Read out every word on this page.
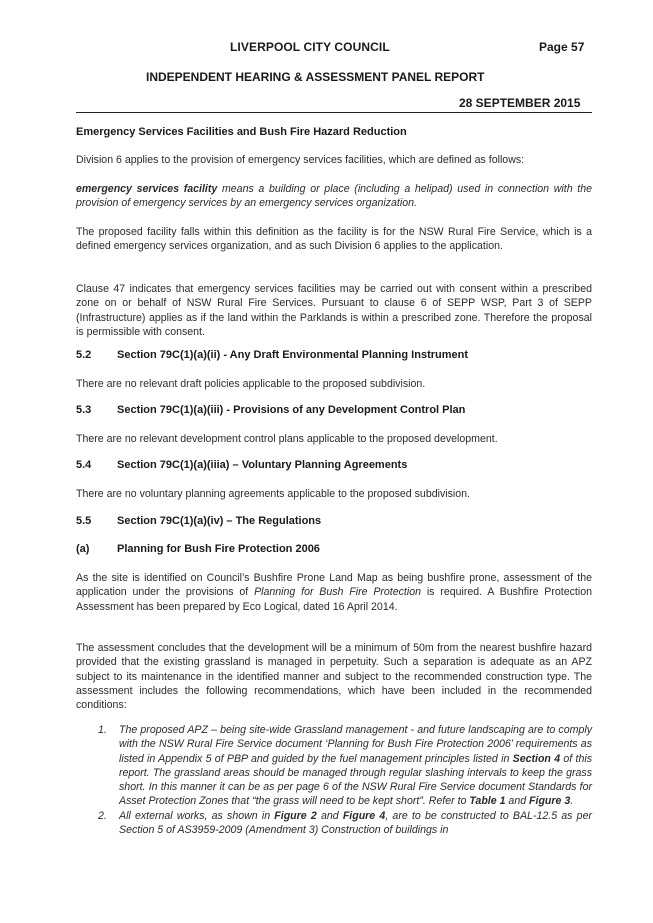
LIVERPOOL CITY COUNCIL	Page 57
INDEPENDENT HEARING & ASSESSMENT PANEL REPORT
28 SEPTEMBER 2015
Emergency Services Facilities and Bush Fire Hazard Reduction

Division 6 applies to the provision of emergency services facilities, which are defined as follows:

emergency services facility means a building or place (including a helipad) used in connection with the provision of emergency services by an emergency services organization.

The proposed facility falls within this definition as the facility is for the NSW Rural Fire Service, which is a defined emergency services organization, and as such Division 6 applies to the application.

Clause 47 indicates that emergency services facilities may be carried out with consent within a prescribed zone on or behalf of NSW Rural Fire Services. Pursuant to clause 6 of SEPP WSP, Part 3 of SEPP (Infrastructure) applies as if the land within the Parklands is within a prescribed zone. Therefore the proposal is permissible with consent.

5.2 Section 79C(1)(a)(ii) - Any Draft Environmental Planning Instrument

There are no relevant draft policies applicable to the proposed subdivision.

5.3 Section 79C(1)(a)(iii) - Provisions of any Development Control Plan

There are no relevant development control plans applicable to the proposed development.

5.4 Section 79C(1)(a)(iiia) – Voluntary Planning Agreements

There are no voluntary planning agreements applicable to the proposed subdivision.

5.5 Section 79C(1)(a)(iv) – The Regulations
(a)	Planning for Bush Fire Protection 2006

As the site is identified on Council’s Bushfire Prone Land Map as being bushfire prone, assessment of the application under the provisions of Planning for Bush Fire Protection is required. A Bushfire Protection Assessment has been prepared by Eco Logical, dated 16 April 2014.

The assessment concludes that the development will be a minimum of 50m from the nearest bushfire hazard provided that the existing grassland is managed in perpetuity. Such a separation is adequate as an APZ subject to its maintenance in the identified manner and subject to the recommended construction type. The assessment includes the following recommendations, which have been included in the recommended conditions:

1. The proposed APZ – being site-wide Grassland management - and future landscaping are to comply with the NSW Rural Fire Service document ‘Planning for Bush Fire Protection 2006’ requirements as listed in Appendix 5 of PBP and guided by the fuel management principles listed in Section 4 of this report. The grassland areas should be managed through regular slashing intervals to keep the grass short. In this manner it can be as per page 6 of the NSW Rural Fire Service document Standards for Asset Protection Zones that “the grass will need to be kept short”. Refer to Table 1 and Figure 3.
2. All external works, as shown in Figure 2 and Figure 4, are to be constructed to BAL-12.5 as per Section 5 of AS3959-2009 (Amendment 3) Construction of buildings in
